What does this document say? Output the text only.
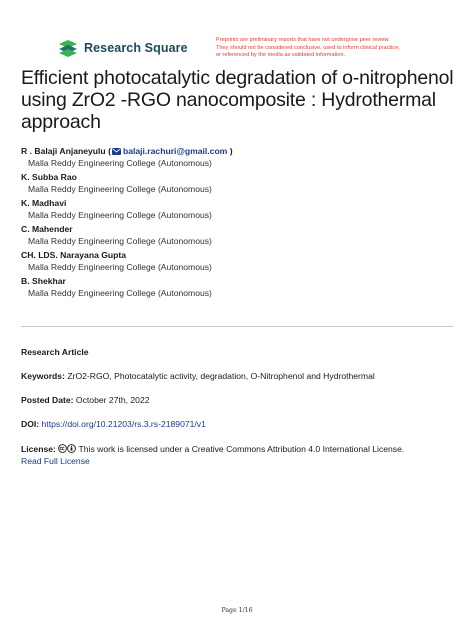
Research Square
Preprints are preliminary reports that have not undergone peer review.
They should not be considered conclusive, used to inform clinical practice,
or referenced by the media as validated information.
Efficient photocatalytic degradation of o-nitrophenol using ZrO2 -RGO nanocomposite : Hydrothermal approach
R . Balaji Anjaneyulu ( balaji.rachuri@gmail.com )
Malla Reddy Engineering College (Autonomous)
K. Subba Rao
Malla Reddy Engineering College (Autonomous)
K. Madhavi
Malla Reddy Engineering College (Autonomous)
C. Mahender
Malla Reddy Engineering College (Autonomous)
CH. LDS. Narayana Gupta
Malla Reddy Engineering College (Autonomous)
B. Shekhar
Malla Reddy Engineering College (Autonomous)
Research Article
Keywords: ZrO2-RGO, Photocatalytic activity, degradation, O-Nitrophenol and Hydrothermal
Posted Date: October 27th, 2022
DOI: https://doi.org/10.21203/rs.3.rs-2189071/v1
License:	This work is licensed under a Creative Commons Attribution 4.0 International License.
Read Full License
Page 1/16
